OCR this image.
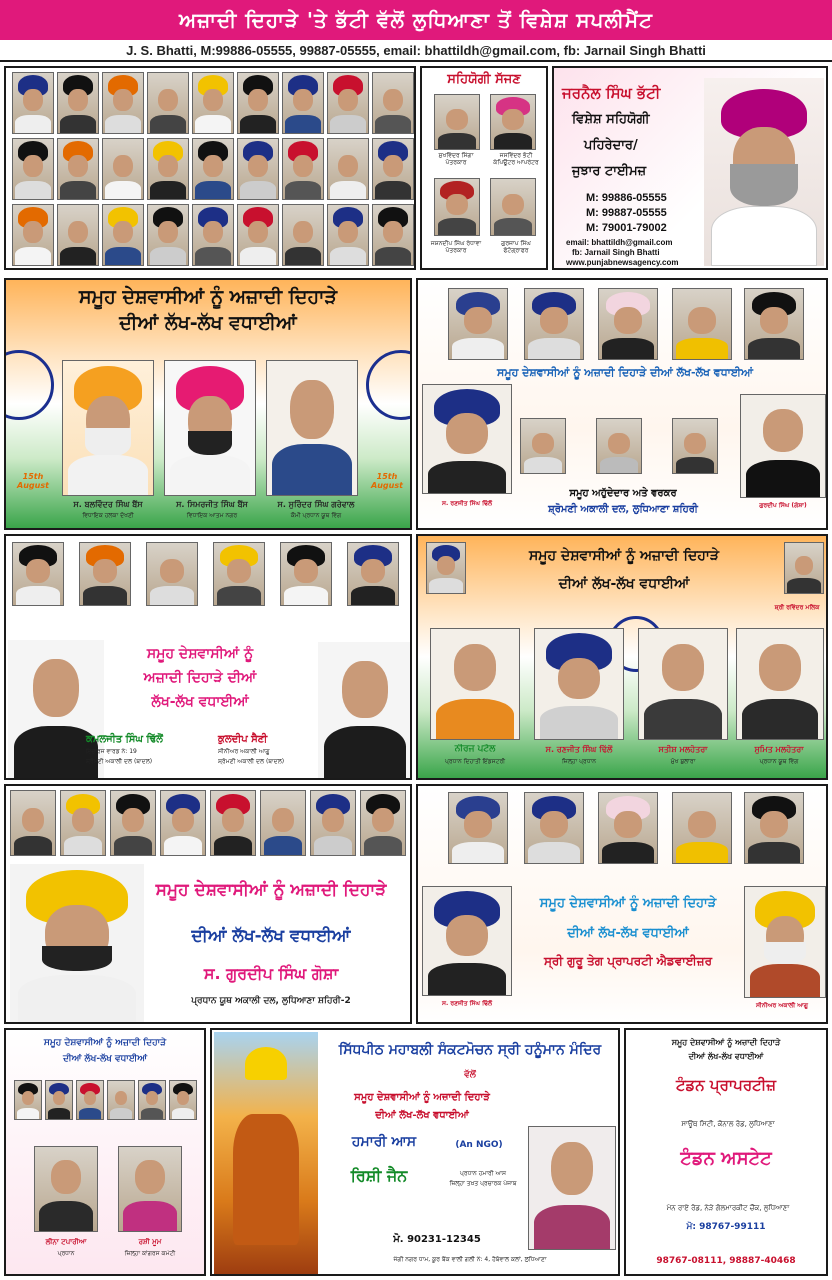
ਅਜ਼ਾਦੀ ਦਿਹਾੜੇ 'ਤੇ ਭੱਟੀ ਵੱਲੋਂ ਲੁਧਿਆਣਾ ਤੋਂ ਵਿਸ਼ੇਸ਼ ਸਪਲੀਮੈਂਟ
J. S. Bhatti, M:99886-05555, 99887-05555, email: bhattildh@gmail.com, fb: Jarnail Singh Bhatti
ਸਹਿਯੋਗੀ ਸੱਜਣ
ਸੁਖਵਿੰਦਰ ਸਿੰਗਾ
ਪੱਤਰਕਾਰ
ਜਸਵਿੰਦਰ ਭੱਟੀ
ਕੰਪਿਊਟਰ ਆਪਰੇਟਰ
ਜਸ਼ਨਦੀਪ ਸਿੰਘ ਰੰਧਾਵਾ
ਪੱਤਰਕਾਰ
ਗੁਰਜਾਪ ਸਿੰਘ
ਫੋਟੋਗ੍ਰਾਫਰ
ਜਰਨੈਲ ਸਿੰਘ ਭੱਟੀ
ਵਿਸ਼ੇਸ਼ ਸਹਿਯੋਗੀ
ਪਹਿਰੇਦਾਰ/
ਜੁਝਾਰ ਟਾਈਮਜ਼
M: 99886-05555
M: 99887-05555
M: 79001-79002
email: bhattildh@gmail.com
fb: Jarnail Singh Bhatti
www.punjabnewsagency.com
ਸਮੂਹ ਦੇਸ਼ਵਾਸੀਆਂ ਨੂੰ ਅਜ਼ਾਦੀ ਦਿਹਾੜੇ
ਦੀਆਂ ਲੱਖ-ਲੱਖ ਵਧਾਈਆਂ
15th August
15th August
ਸ. ਬਲਵਿੰਦਰ ਸਿੰਘ ਬੈਂਸ
ਵਿਧਾਇਕ ਹਲਕਾ ਦੱਖਣੀ
ਸ. ਸਿਮਰਜੀਤ ਸਿੰਘ ਬੈਂਸ
ਵਿਧਾਇਕ ਆਤਮ ਨਗਰ
ਸ. ਸੁਰਿੰਦਰ ਸਿੰਘ ਗਰੇਵਾਲ
ਕੌਮੀ ਪ੍ਰਧਾਨ ਯੂਥ ਵਿੰਗ
ਸਮੂਹ ਦੇਸ਼ਵਾਸੀਆਂ ਨੂੰ ਅਜ਼ਾਦੀ ਦਿਹਾੜੇ ਦੀਆਂ ਲੱਖ-ਲੱਖ ਵਧਾਈਆਂ
ਸਮੂਹ ਅਹੁੱਦੇਦਾਰ ਅਤੇ ਵਰਕਰ
ਸ਼੍ਰੋਮਣੀ ਅਕਾਲੀ ਦਲ, ਲੁਧਿਆਣਾ ਸ਼ਹਿਰੀ
ਸ. ਰਣਜੀਤ ਸਿੰਘ ਢਿੱਲੋਂ	ਗੁਰਦੀਪ ਸਿੰਘ (ਗੋਸ਼ਾ)
ਸਮੂਹ ਦੇਸ਼ਵਾਸੀਆਂ ਨੂੰ
ਅਜ਼ਾਦੀ ਦਿਹਾੜੇ ਦੀਆਂ
ਲੱਖ-ਲੱਖ ਵਧਾਈਆਂ
ਕਮਲਜੀਤ ਸਿੰਘ ਢਿੱਲੋਂ
ਇੰਚਾਰਜ ਵਾਰਡ ਨੰ: 19
ਸ਼੍ਰੋਮਣੀ ਅਕਾਲੀ ਦਲ (ਬਾਦਲ)
ਕੁਲਦੀਪ ਸੈਣੀ
ਸੀਨੀਅਰ ਅਕਾਲੀ ਆਗੂ
ਸ਼੍ਰੋਮਣੀ ਅਕਾਲੀ ਦਲ (ਬਾਦਲ)
ਸ਼੍ਰੀ ਰਵਿੰਦਰ ਮਲਿਕ
ਸਮੂਹ ਦੇਸ਼ਵਾਸੀਆਂ ਨੂੰ ਅਜ਼ਾਦੀ ਦਿਹਾੜੇ
ਦੀਆਂ ਲੱਖ-ਲੱਖ ਵਧਾਈਆਂ
ਨੀਰਜ ਪਟੇਲ
ਪ੍ਰਧਾਨ ਦਿਹਾਤੀ ਇੰਡਸਟਰੀ
ਸ. ਰਣਜੀਤ ਸਿੰਘ ਢਿੱਲੋਂ
ਜ਼ਿਲ੍ਹਾ ਪ੍ਰਧਾਨ
ਸਤੀਸ਼ ਮਲਹੋਤਰਾ
ਮੁੱਖ ਬੁਲਾਰਾ
ਸੁਮਿਤ ਮਲਹੋਤਰਾ
ਪ੍ਰਧਾਨ ਯੂਥ ਵਿੰਗ
ਸਮੂਹ ਦੇਸ਼ਵਾਸੀਆਂ ਨੂੰ ਅਜ਼ਾਦੀ ਦਿਹਾੜੇ
ਦੀਆਂ ਲੱਖ-ਲੱਖ ਵਧਾਈਆਂ
ਸ. ਗੁਰਦੀਪ ਸਿੰਘ ਗੋਸ਼ਾ
ਪ੍ਰਧਾਨ ਯੂਥ ਅਕਾਲੀ ਦਲ, ਲੁਧਿਆਣਾ ਸ਼ਹਿਰੀ-2
ਸਮੂਹ ਦੇਸ਼ਵਾਸੀਆਂ ਨੂੰ ਅਜ਼ਾਦੀ ਦਿਹਾੜੇ
ਦੀਆਂ ਲੱਖ-ਲੱਖ ਵਧਾਈਆਂ
ਸ੍ਰੀ ਗੁਰੂ ਤੇਗ ਪ੍ਰਾਪਰਟੀ ਐਡਵਾਈਜ਼ਰ
ਸ. ਰਣਜੀਤ ਸਿੰਘ ਢਿੱਲੋਂ	ਸੀਨੀਅਰ ਅਕਾਲੀ ਆਗੂ
ਸਮੂਹ ਦੇਸ਼ਵਾਸੀਆਂ ਨੂੰ ਅਜ਼ਾਦੀ ਦਿਹਾੜੇ
ਦੀਆਂ ਲੱਖ-ਲੱਖ ਵਧਾਈਆਂ
ਲੀਨਾ ਟਪਾਰੀਆ
ਪ੍ਰਧਾਨ
ਰਸ਼ੀ ਮੂਮ
ਜ਼ਿਲ੍ਹਾ ਕਾਂਗਰਸ ਕਮੇਟੀ
ਸਿੱਧਪੀਠ ਮਹਾਬਲੀ ਸੰਕਟਮੋਚਨ ਸ੍ਰੀ ਹਨੂੰਮਾਨ ਮੰਦਿਰ
ਵੱਲੋਂ
ਸਮੂਹ ਦੇਸ਼ਵਾਸੀਆਂ ਨੂੰ ਅਜ਼ਾਦੀ ਦਿਹਾੜੇ
ਦੀਆਂ ਲੱਖ-ਲੱਖ ਵਧਾਈਆਂ
ਹਮਾਰੀ ਆਸ	(An NGO)
ਰਿਸ਼ੀ ਜੈਨ	ਪ੍ਰਧਾਨ ਹਮਾਰੀ ਆਸ
ਜ਼ਿਲ੍ਹਾ ਤਖ਼ਤ ਪ੍ਰਚਾਰਕ ਪੰਜਾਬ
ਮੋ. 90231-12345
ਜੰਗੀ ਨਗਰ ਧਾਮ, ਕੂਰ ਬੈਂਕ ਵਾਲੀ ਗਲੀ ਨੰ: 4, ਹੈਬੋਵਾਲ ਕਲਾਂ, ਲੁਧਿਆਣਾ
ਸਮੂਹ ਦੇਸ਼ਵਾਸੀਆਂ ਨੂੰ ਅਜ਼ਾਦੀ ਦਿਹਾੜੇ
ਦੀਆਂ ਲੱਖ-ਲੱਖ ਵਧਾਈਆਂ
ਟੰਡਨ ਪ੍ਰਾਪਰਟੀਜ਼
ਸਾਊਥ ਸਿਟੀ, ਕੈਨਾਲ ਰੋਡ, ਲੁਧਿਆਣਾ
ਟੰਡਨ ਅਸਟੇਟ
ਮੇਨ ਰਾਏ ਰੋਡ, ਨੇੜੇ ਗੋਲਮਾਰਕੀਟ ਚੌਂਕ, ਲੁਧਿਆਣਾ
ਮੋ: 98767-99111
98767-08111, 98887-40468
